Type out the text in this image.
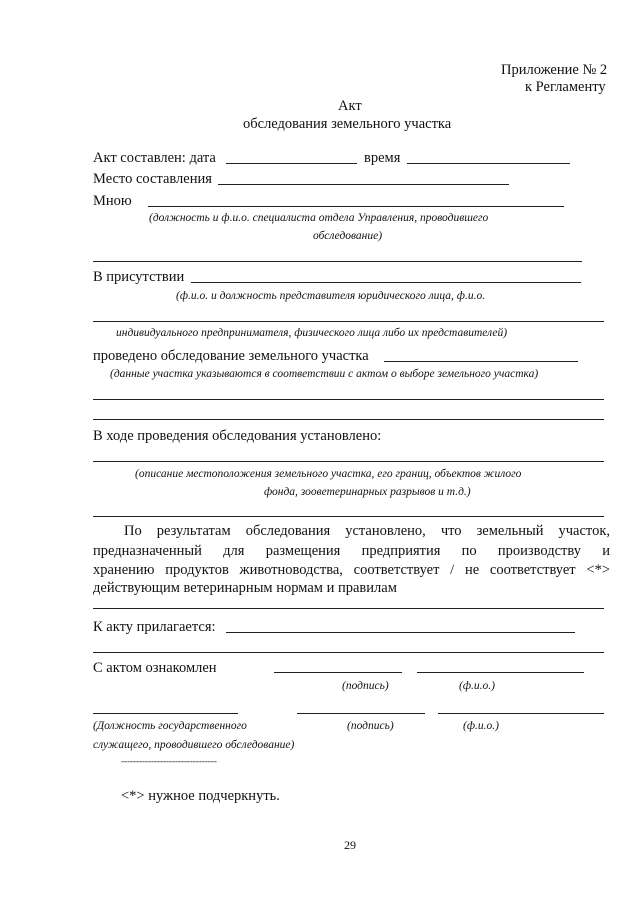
Приложение № 2
к Регламенту
Акт
обследования земельного участка
Акт составлен: дата	время
Место составления
Мною
(должность и ф.и.о. специалиста отдела Управления, проводившего
обследование)
В присутствии
(ф.и.о. и должность представителя юридического лица, ф.и.о.
индивидуального предпринимателя, физического лица либо их представителей)
проведено обследование земельного участка
(данные участка указываются в соответствии с актом о выборе земельного участка)
В ходе проведения обследования установлено:
(описание местоположения земельного участка, его границ, объектов жилого
фонда, зооветеринарных разрывов и т.д.)
По результатам обследования установлено, что земельный участок,
предназначенный для размещения предприятия по производству и
хранению продуктов животноводства, соответствует / не соответствует <*>
действующим ветеринарным нормам и правилам
К акту прилагается:
С актом ознакомлен
(подпись)	(ф.и.о.)
(Должность государственного	(подпись)	(ф.и.о.)
служащего, проводившего обследование)
--------------------------------
<*> нужное подчеркнуть.
29
